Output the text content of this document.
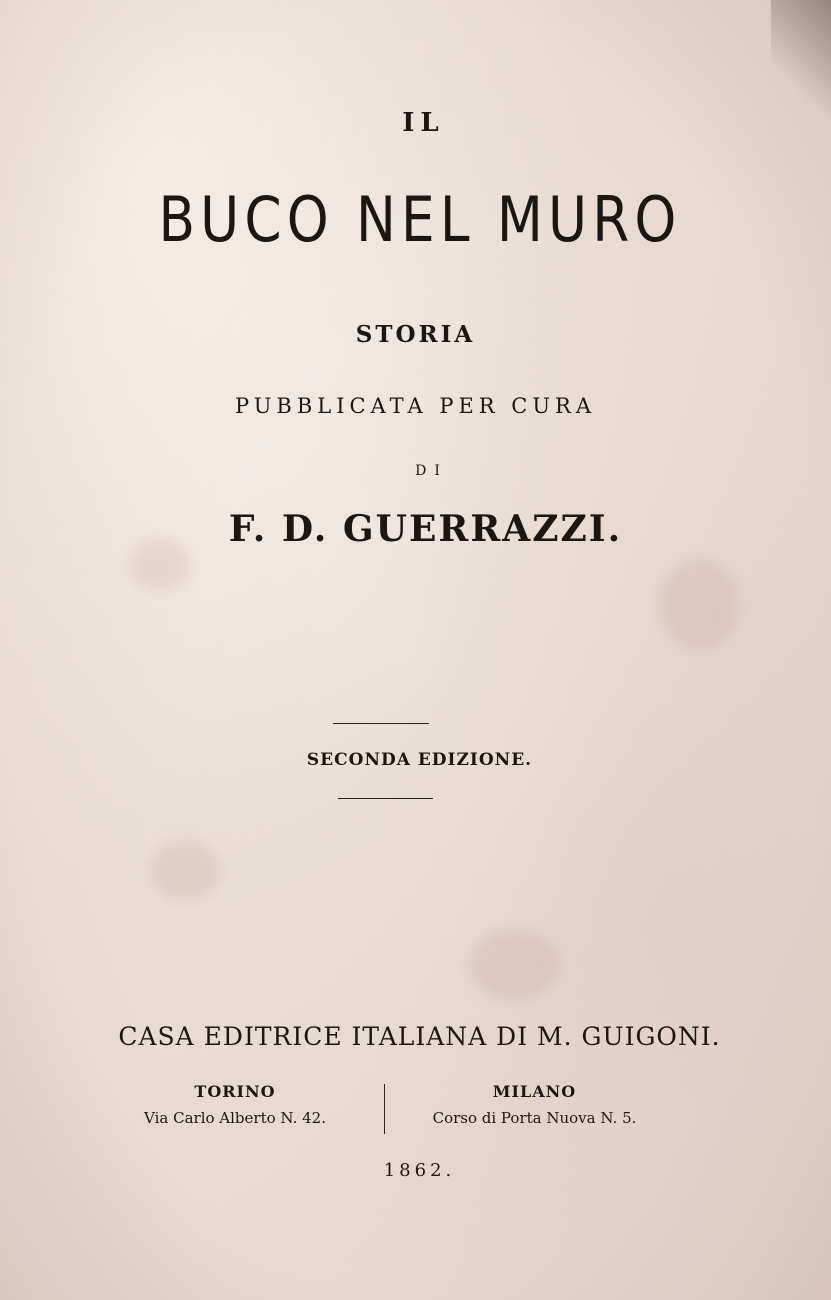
IL
BUCO NEL MURO
STORIA
PUBBLICATA PER CURA
DI
F. D. GUERRAZZI.
SECONDA EDIZIONE.
CASA EDITRICE ITALIANA DI M. GUIGONI.
TORINO
Via Carlo Alberto N. 42.
MILANO
Corso di Porta Nuova N. 5.
1862.
